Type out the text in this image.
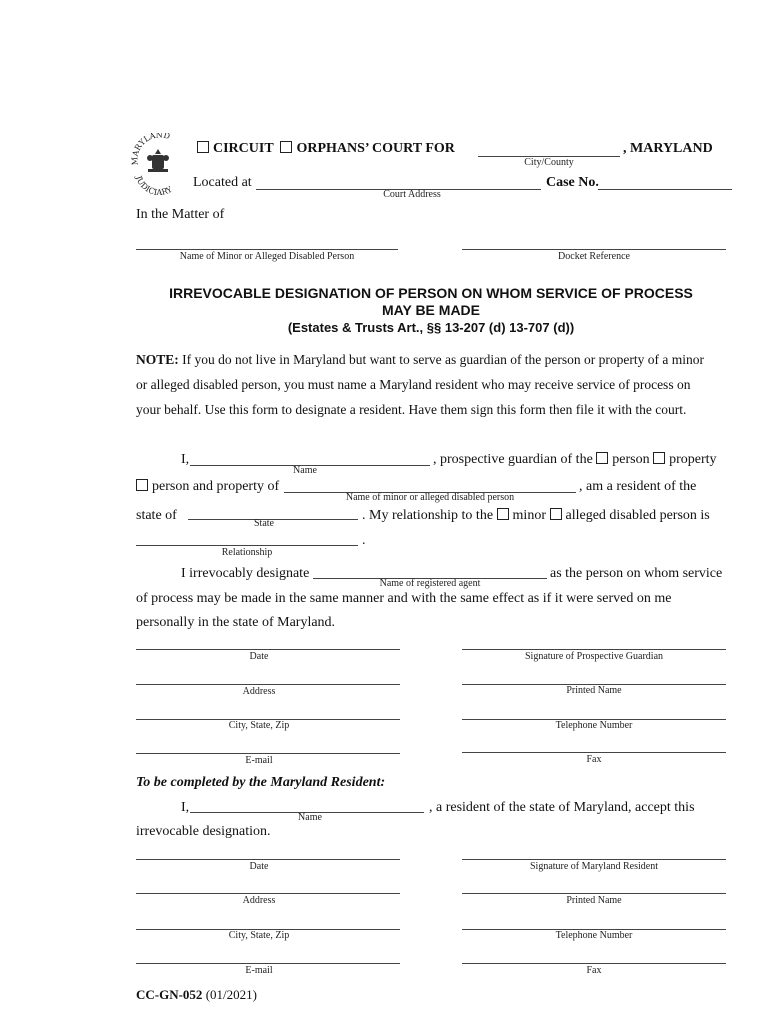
MARYLAND
JUDICIARY
CIRCUIT ORPHANS’ COURT FOR	, MARYLAND
City/County
Located at
Court Address
Case No.
In the Matter of
Name of Minor or Alleged Disabled Person	Docket Reference
IRREVOCABLE DESIGNATION OF PERSON ON WHOM SERVICE OF PROCESS
MAY BE MADE
(Estates & Trusts Art., §§ 13-207 (d) 13-707 (d))
NOTE: If you do not live in Maryland but want to serve as guardian of the person or property of a minor
or alleged disabled person, you must name a Maryland resident who may receive service of process on
your behalf. Use this form to designate a resident. Have them sign this form then file it with the court.
I,
Name
, prospective guardian of the person property
person and property of
Name of minor or alleged disabled person
, am a resident of the
state of
State
. My relationship to the minor alleged disabled person is
.
Relationship
I irrevocably designate
Name of registered agent
as the person on whom service
of process may be made in the same manner and with the same effect as if it were served on me
personally in the state of Maryland.
Date	Signature of Prospective Guardian
Address	Printed Name
City, State, Zip	Telephone Number
E-mail	Fax
To be completed by the Maryland Resident:
I,
Name
, a resident of the state of Maryland, accept this
irrevocable designation.
Date	Signature of Maryland Resident
Address	Printed Name
City, State, Zip	Telephone Number
E-mail	Fax
CC-GN-052 (01/2021)
